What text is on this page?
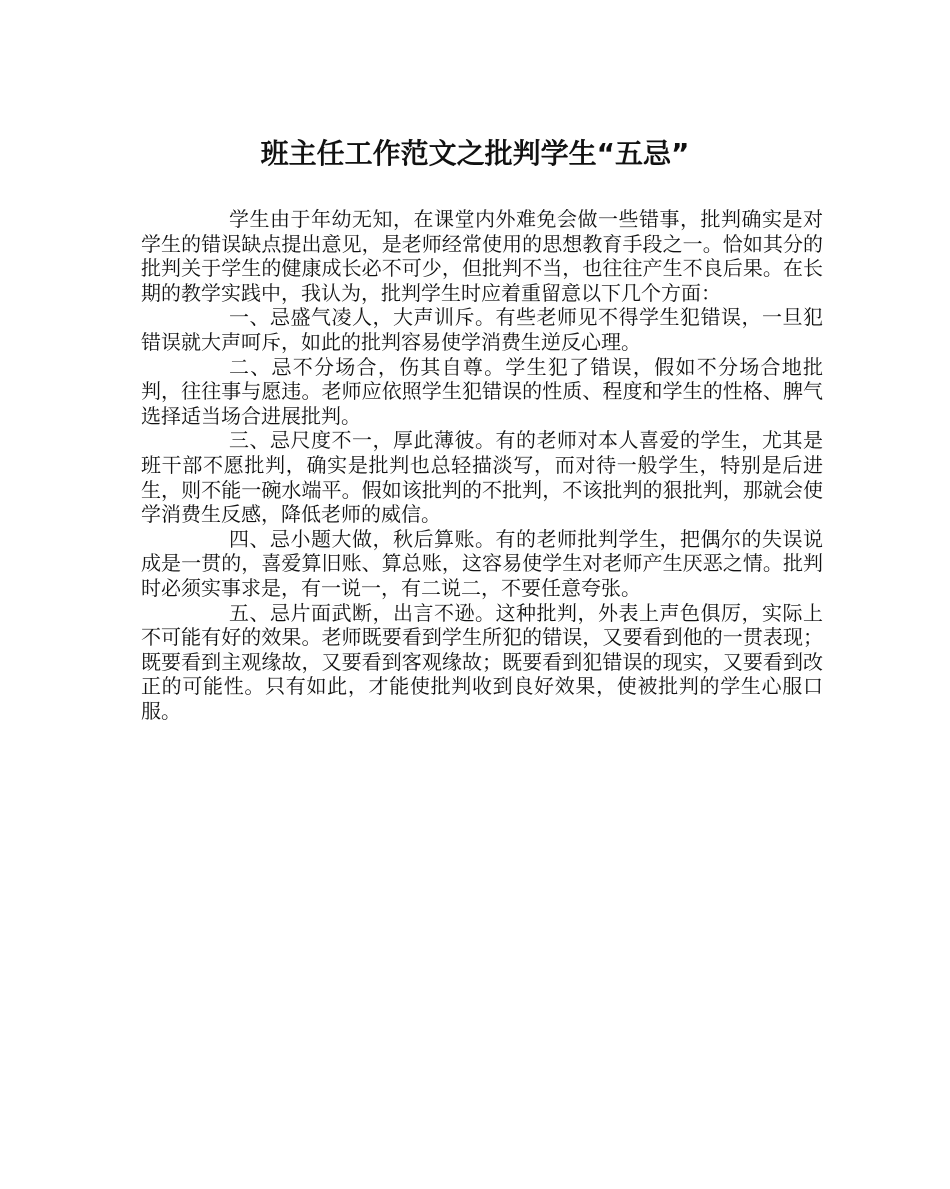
班主任工作范文之批判学生“五忌”

学生由于年幼无知，在课堂内外难免会做一些错事，批判确实是对学生的错误缺点提出意见，是老师经常使用的思想教育手段之一。恰如其分的批判关于学生的健康成长必不可少，但批判不当，也往往产生不良后果。在长期的教学实践中，我认为，批判学生时应着重留意以下几个方面：

一、忌盛气凌人，大声训斥。有些老师见不得学生犯错误，一旦犯错误就大声呵斥，如此的批判容易使学消费生逆反心理。

二、忌不分场合，伤其自尊。学生犯了错误，假如不分场合地批判，往往事与愿违。老师应依照学生犯错误的性质、程度和学生的性格、脾气选择适当场合进展批判。

三、忌尺度不一，厚此薄彼。有的老师对本人喜爱的学生，尤其是班干部不愿批判，确实是批判也总轻描淡写，而对待一般学生，特别是后进生，则不能一碗水端平。假如该批判的不批判，不该批判的狠批判，那就会使学消费生反感，降低老师的威信。

四、忌小题大做，秋后算账。有的老师批判学生，把偶尔的失误说成是一贯的，喜爱算旧账、算总账，这容易使学生对老师产生厌恶之情。批判时必须实事求是，有一说一，有二说二，不要任意夸张。

五、忌片面武断，出言不逊。这种批判，外表上声色俱厉，实际上不可能有好的效果。老师既要看到学生所犯的错误，又要看到他的一贯表现；既要看到主观缘故，又要看到客观缘故；既要看到犯错误的现实，又要看到改正的可能性。只有如此，才能使批判收到良好效果，使被批判的学生心服口服。
